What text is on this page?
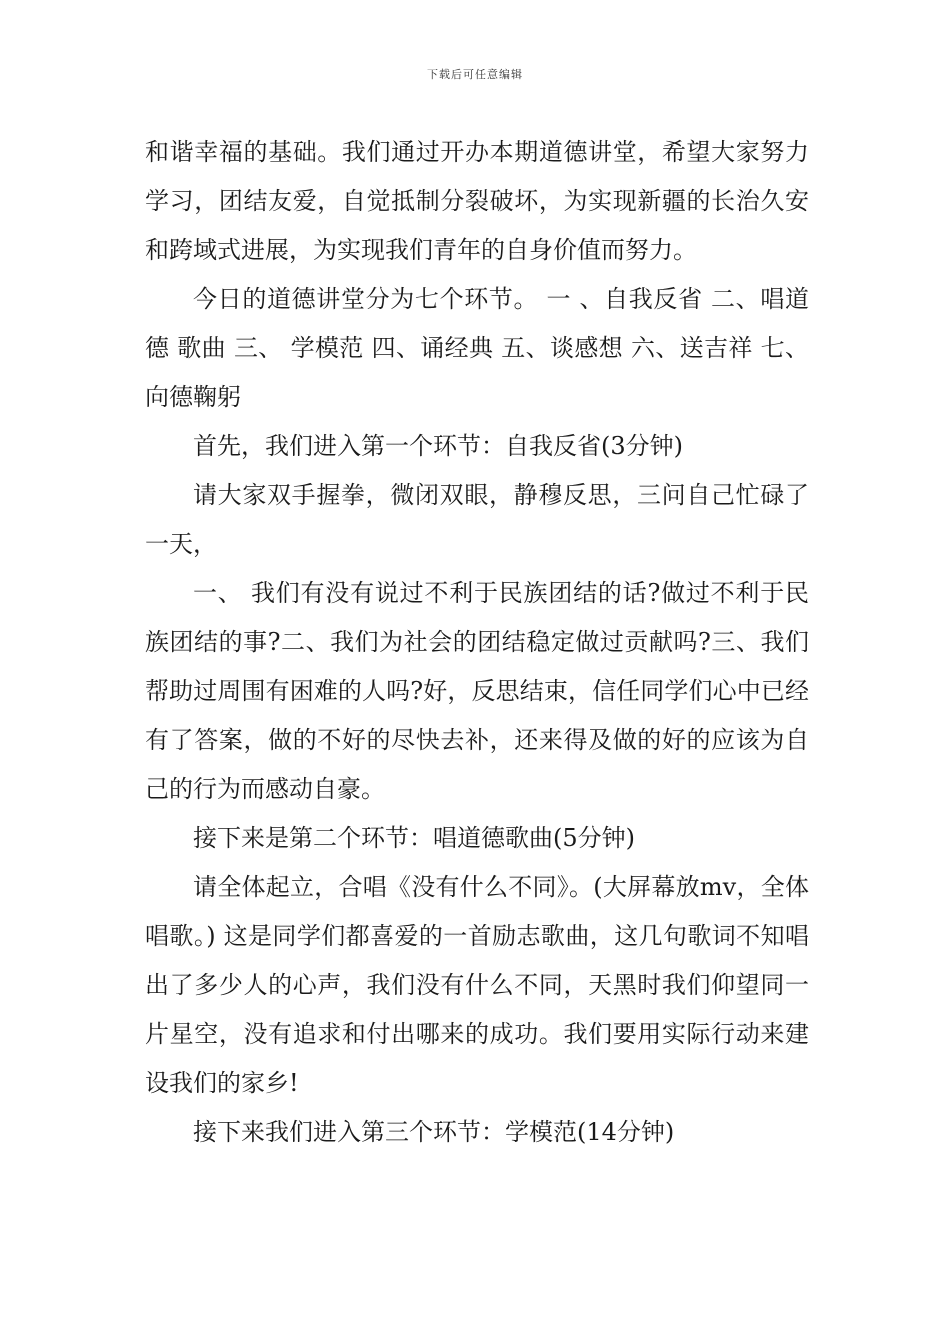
下载后可任意编辑

和谐幸福的基础。我们通过开办本期道德讲堂，希望大家努力学习，团结友爱，自觉抵制分裂破坏，为实现新疆的长治久安和跨域式进展，为实现我们青年的自身价值而努力。

今日的道德讲堂分为七个环节。 一 、自我反省 二、唱道德 歌曲 三、 学模范 四、诵经典 五、谈感想 六、送吉祥 七、向德鞠躬

首先，我们进入第一个环节：自我反省(3分钟)

请大家双手握拳，微闭双眼，静穆反思，三问自己忙碌了一天，

一、 我们有没有说过不利于民族团结的话?做过不利于民族团结的事?二、我们为社会的团结稳定做过贡献吗?三、我们帮助过周围有困难的人吗?好，反思结束，信任同学们心中已经有了答案，做的不好的尽快去补，还来得及做的好的应该为自己的行为而感动自豪。

接下来是第二个环节：唱道德歌曲(5分钟)

请全体起立，合唱《没有什么不同》。(大屏幕放mv，全体唱歌。) 这是同学们都喜爱的一首励志歌曲，这几句歌词不知唱出了多少人的心声，我们没有什么不同，天黑时我们仰望同一片星空，没有追求和付出哪来的成功。我们要用实际行动来建设我们的家乡!

接下来我们进入第三个环节：学模范(14分钟)
